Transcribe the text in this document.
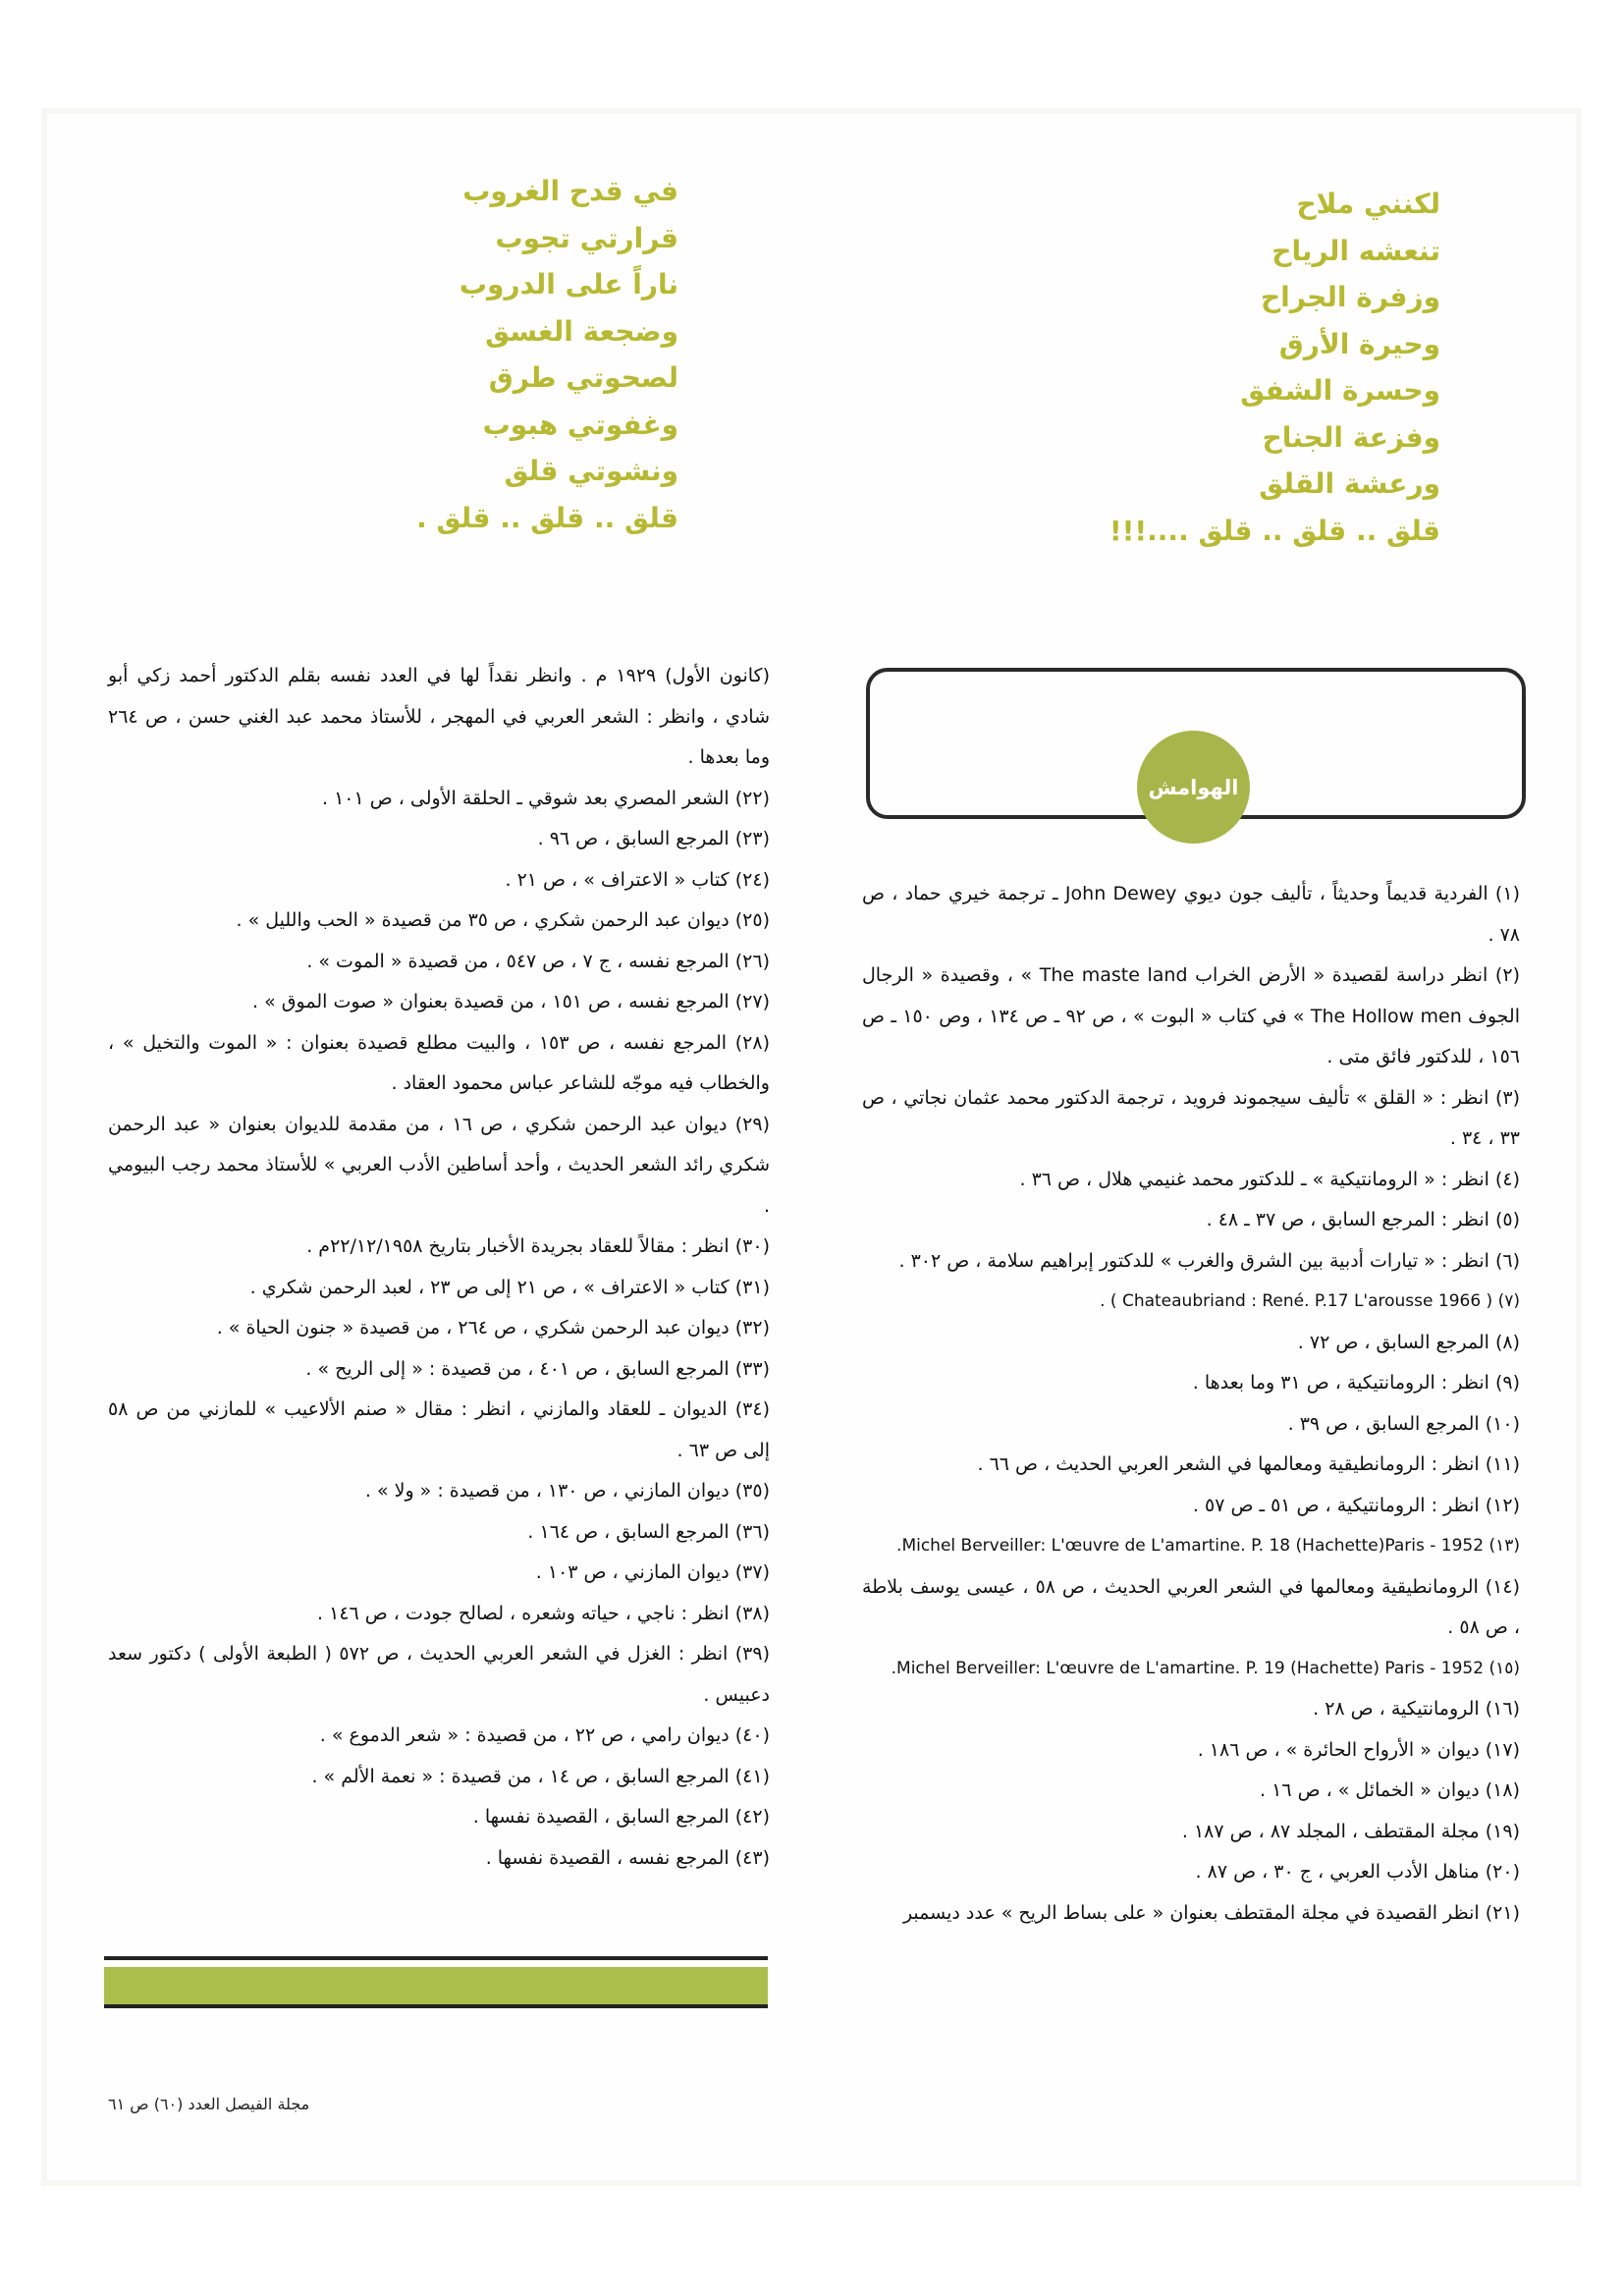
لكنني ملاح
تنعشه الرياح
وزفرة الجراح
وحيرة الأرق
وحسرة الشفق
وفزعة الجناح
ورعشة القلق
قلق .. قلق .. قلق ....!!!
في قدح الغروب
قرارتي تجوب
ناراً على الدروب
وضجعة الغسق
لصحوتي طرق
وغفوتي هبوب
ونشوتي قلق
قلق .. قلق .. قلق .
الهوامش
(١) الفردية قديماً وحديثاً ، تأليف جون ديوي John Dewey ـ ترجمة خيري حماد ، ص ٧٨ .
(٢) انظر دراسة لقصيدة « الأرض الخراب The maste land » ، وقصيدة « الرجال الجوف The Hollow men » في كتاب « البوت » ، ص ٩٢ ـ ص ١٣٤ ، وص ١٥٠ ـ ص ١٥٦ ، للدكتور فائق متى .
(٣) انظر : « القلق » تأليف سيجموند فرويد ، ترجمة الدكتور محمد عثمان نجاتي ، ص ٣٣ ، ٣٤ .
(٤) انظر : « الرومانتيكية » ـ للدكتور محمد غنيمي هلال ، ص ٣٦ .
(٥) انظر : المرجع السابق ، ص ٣٧ ـ ٤٨ .
(٦) انظر : « تيارات أدبية بين الشرق والغرب » للدكتور إبراهيم سلامة ، ص ٣٠٢ .
(٧) ( Chateaubriand : René. P.17 L'arousse 1966 ) .
(٨) المرجع السابق ، ص ٧٢ .
(٩) انظر : الرومانتيكية ، ص ٣١ وما بعدها .
(١٠) المرجع السابق ، ص ٣٩ .
(١١) انظر : الرومانطيقية ومعالمها في الشعر العربي الحديث ، ص ٦٦ .
(١٢) انظر : الرومانتيكية ، ص ٥١ ـ ص ٥٧ .
(١٣) Michel Berveiller: L'œuvre de L'amartine. P. 18 (Hachette)Paris - 1952.
(١٤) الرومانطيقية ومعالمها في الشعر العربي الحديث ، ص ٥٨ ، عيسى يوسف بلاطة ، ص ٥٨ .
(١٥) Michel Berveiller: L'œuvre de L'amartine. P. 19 (Hachette) Paris - 1952.
(١٦) الرومانتيكية ، ص ٢٨ .
(١٧) ديوان « الأرواح الحائرة » ، ص ١٨٦ .
(١٨) ديوان « الخمائل » ، ص ١٦ .
(١٩) مجلة المقتطف ، المجلد ٨٧ ، ص ١٨٧ .
(٢٠) مناهل الأدب العربي ، ج ٣٠ ، ص ٨٧ .
(٢١) انظر القصيدة في مجلة المقتطف بعنوان « على بساط الريح » عدد ديسمبر
(كانون الأول) ١٩٢٩ م . وانظر نقداً لها في العدد نفسه بقلم الدكتور أحمد زكي أبو شادي ، وانظر : الشعر العربي في المهجر ، للأستاذ محمد عبد الغني حسن ، ص ٢٦٤ وما بعدها .
(٢٢) الشعر المصري بعد شوقي ـ الحلقة الأولى ، ص ١٠١ .
(٢٣) المرجع السابق ، ص ٩٦ .
(٢٤) كتاب « الاعتراف » ، ص ٢١ .
(٢٥) ديوان عبد الرحمن شكري ، ص ٣٥ من قصيدة « الحب والليل » .
(٢٦) المرجع نفسه ، ج ٧ ، ص ٥٤٧ ، من قصيدة « الموت » .
(٢٧) المرجع نفسه ، ص ١٥١ ، من قصيدة بعنوان « صوت الموق » .
(٢٨) المرجع نفسه ، ص ١٥٣ ، والبيت مطلع قصيدة بعنوان : « الموت والتخيل » ، والخطاب فيه موجّه للشاعر عباس محمود العقاد .
(٢٩) ديوان عبد الرحمن شكري ، ص ١٦ ، من مقدمة للديوان بعنوان « عبد الرحمن شكري رائد الشعر الحديث ، وأحد أساطين الأدب العربي » للأستاذ محمد رجب البيومي .
(٣٠) انظر : مقالاً للعقاد بجريدة الأخبار بتاريخ ٢٢/١٢/١٩٥٨م .
(٣١) كتاب « الاعتراف » ، ص ٢١ إلى ص ٢٣ ، لعبد الرحمن شكري .
(٣٢) ديوان عبد الرحمن شكري ، ص ٢٦٤ ، من قصيدة « جنون الحياة » .
(٣٣) المرجع السابق ، ص ٤٠١ ، من قصيدة : « إلى الريح » .
(٣٤) الديوان ـ للعقاد والمازني ، انظر : مقال « صنم الألاعيب » للمازني من ص ٥٨ إلى ص ٦٣ .
(٣٥) ديوان المازني ، ص ١٣٠ ، من قصيدة : « ولا » .
(٣٦) المرجع السابق ، ص ١٦٤ .
(٣٧) ديوان المازني ، ص ١٠٣ .
(٣٨) انظر : ناجي ، حياته وشعره ، لصالح جودت ، ص ١٤٦ .
(٣٩) انظر : الغزل في الشعر العربي الحديث ، ص ٥٧٢ ( الطبعة الأولى ) دكتور سعد دعبيس .
(٤٠) ديوان رامي ، ص ٢٢ ، من قصيدة : « شعر الدموع » .
(٤١) المرجع السابق ، ص ١٤ ، من قصيدة : « نعمة الألم » .
(٤٢) المرجع السابق ، القصيدة نفسها .
(٤٣) المرجع نفسه ، القصيدة نفسها .
مجلة الفيصل العدد (٦٠) ص ٦١
